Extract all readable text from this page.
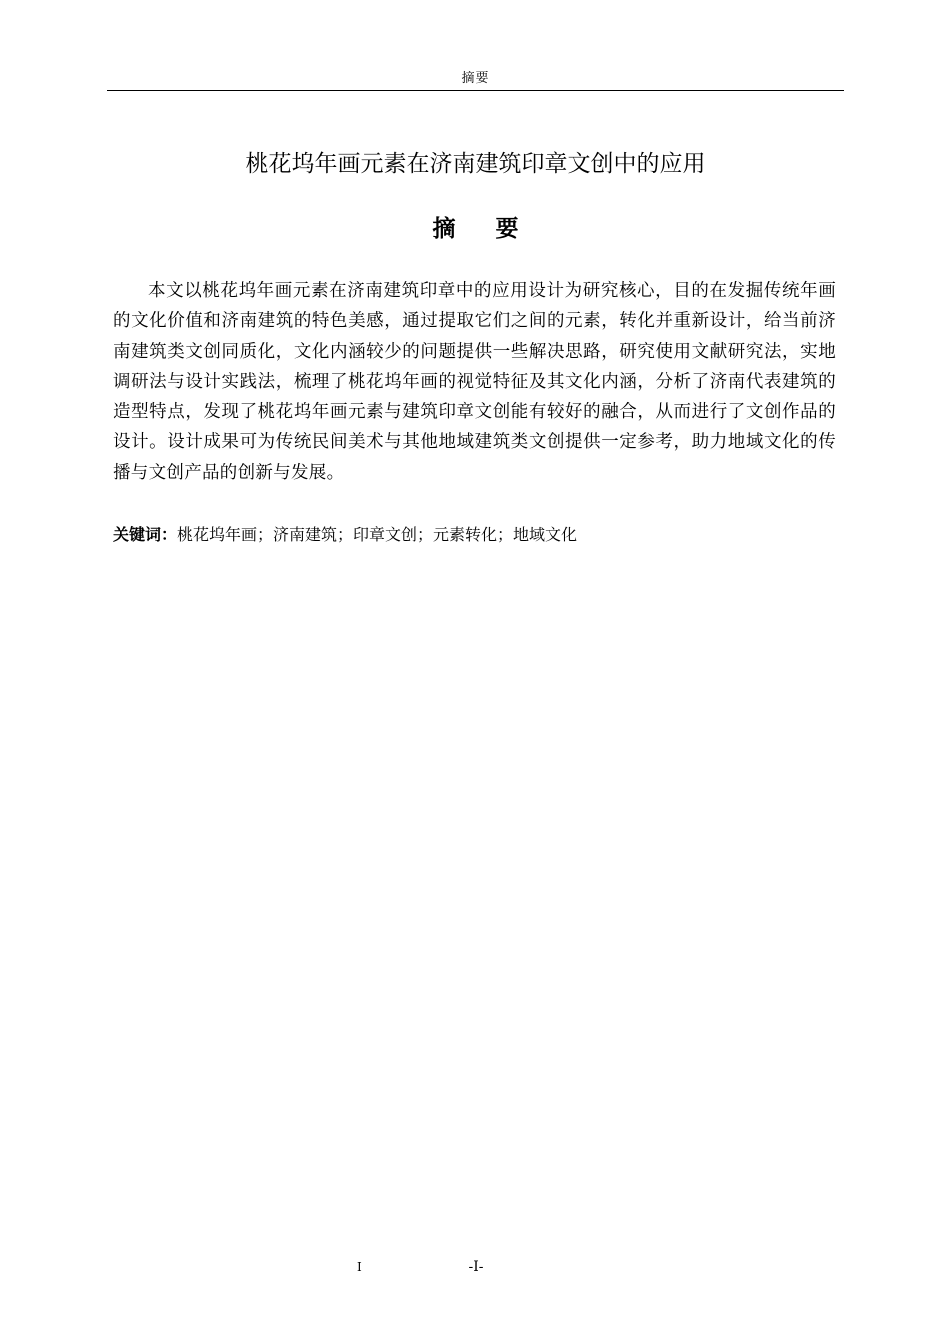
摘要
桃花坞年画元素在济南建筑印章文创中的应用
摘 要

本文以桃花坞年画元素在济南建筑印章中的应用设计为研究核心，目的在发掘传统年画的文化价值和济南建筑的特色美感，通过提取它们之间的元素，转化并重新设计，给当前济南建筑类文创同质化，文化内涵较少的问题提供一些解决思路，研究使用文献研究法，实地调研法与设计实践法，梳理了桃花坞年画的视觉特征及其文化内涵，分析了济南代表建筑的造型特点，发现了桃花坞年画元素与建筑印章文创能有较好的融合，从而进行了文创作品的设计。设计成果可为传统民间美术与其他地域建筑类文创提供一定参考，助力地域文化的传播与文创产品的创新与发展。

关键词：桃花坞年画；济南建筑；印章文创；元素转化；地域文化
I	-I-
